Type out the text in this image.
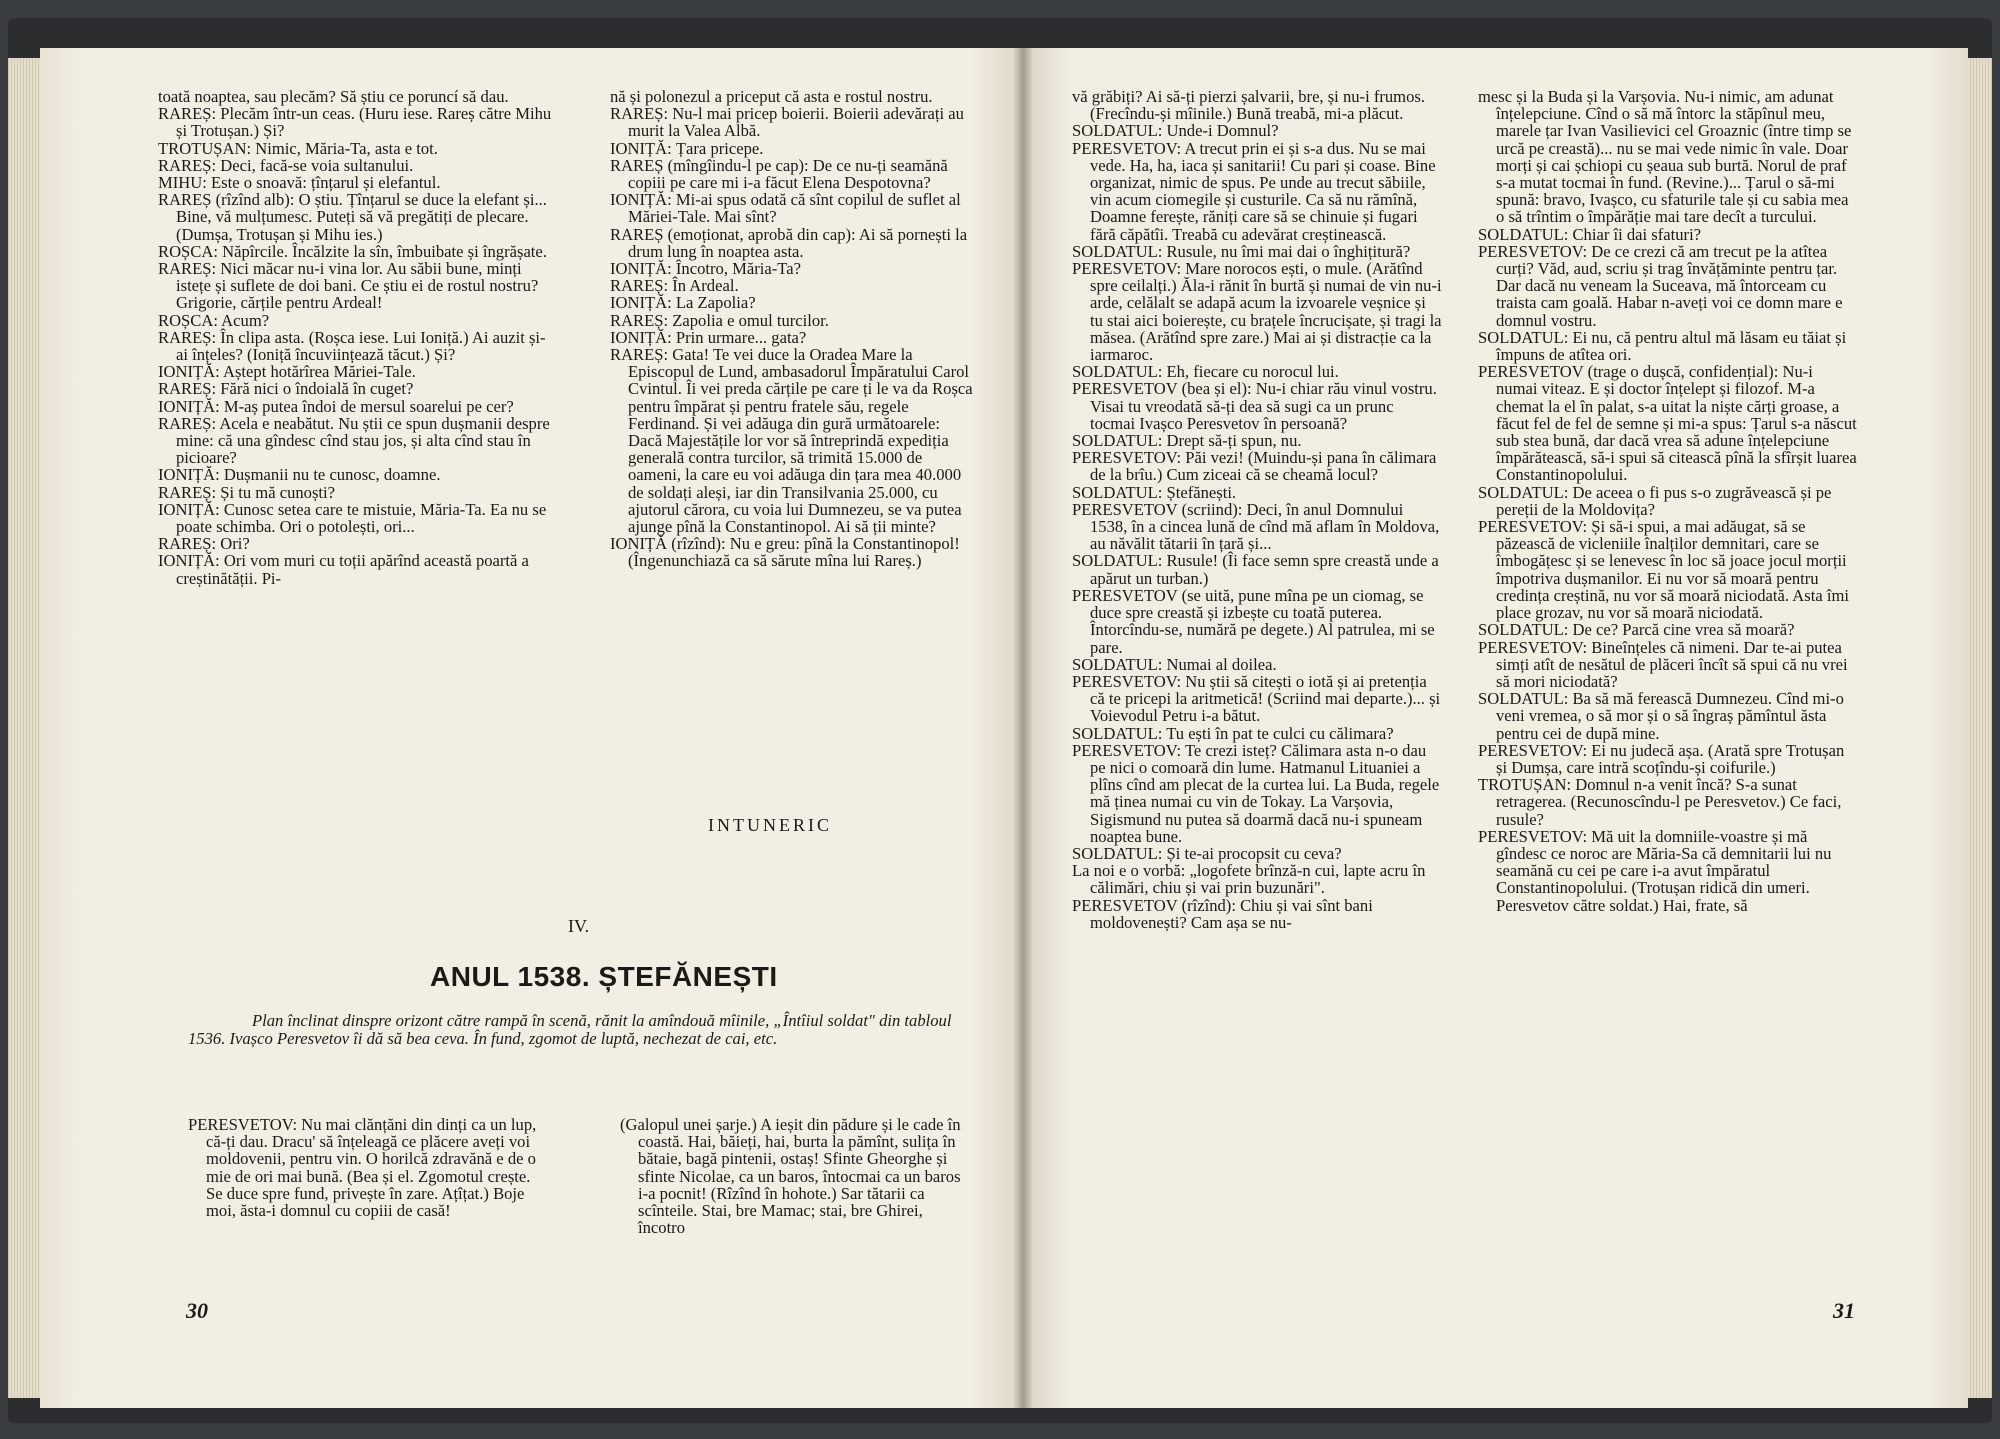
toată noaptea, sau plecăm? Să știu ce poruncí să dau.

RAREȘ: Plecăm într-un ceas. (Huru iese. Rareș către Mihu și Trotușan.) Și?

TROTUȘAN: Nimic, Măria-Ta, asta e tot.

RAREȘ: Deci, facă-se voia sultanului.

MIHU: Este o snoavă: țînțarul și elefantul.

RAREȘ (rîzînd alb): O știu. Țînțarul se duce la elefant și... Bine, vă mulțumesc. Puteți să vă pregătiți de plecare. (Dumșa, Trotușan și Mihu ies.)

ROȘCA: Năpîrcile. Încălzite la sîn, îmbuibate și îngrășate.

RAREȘ: Nici măcar nu-i vina lor. Au săbii bune, minți istețe și suflete de doi bani. Ce știu ei de rostul nostru? Grigorie, cărțile pentru Ardeal!

ROȘCA: Acum?

RAREȘ: În clipa asta. (Roșca iese. Lui Ioniță.) Ai auzit și-ai înțeles? (Ioniță încuviințează tăcut.) Și?

IONIȚĂ: Aștept hotărîrea Măriei-Tale.

RAREȘ: Fără nici o îndoială în cuget?

IONIȚĂ: M-aș putea îndoi de mersul soarelui pe cer?

RAREȘ: Acela e neabătut. Nu știi ce spun dușmanii despre mine: că una gîndesc cînd stau jos, și alta cînd stau în picioare?

IONIȚĂ: Dușmanii nu te cunosc, doamne.

RAREȘ: Și tu mă cunoști?

IONIȚĂ: Cunosc setea care te mistuie, Măria-Ta. Ea nu se poate schimba. Ori o potolești, ori...

RAREȘ: Ori?

IONIȚĂ: Ori vom muri cu toții apărînd această poartă a creștinătății. Pi-

nă și polonezul a priceput că asta e rostul nostru.

RAREȘ: Nu-l mai pricep boierii. Boierii adevărați au murit la Valea Albă.

IONIȚĂ: Țara pricepe.

RAREȘ (mîngîindu-l pe cap): De ce nu-ți seamănă copiii pe care mi i-a făcut Elena Despotovna?

IONIȚĂ: Mi-ai spus odată că sînt copilul de suflet al Măriei-Tale. Mai sînt?

RAREȘ (emoționat, aprobă din cap): Ai să pornești la drum lung în noaptea asta.

IONIȚĂ: Încotro, Măria-Ta?

RAREȘ: În Ardeal.

IONIȚĂ: La Zapolia?

RAREȘ: Zapolia e omul turcilor.

IONIȚĂ: Prin urmare... gata?

RAREȘ: Gata! Te vei duce la Oradea Mare la Episcopul de Lund, ambasadorul Împăratului Carol Cvintul. Îi vei preda cărțile pe care ți le va da Roșca pentru împărat și pentru fratele său, regele Ferdinand. Și vei adăuga din gură următoarele: Dacă Majestățile lor vor să întreprindă expediția generală contra turcilor, să trimită 15.000 de oameni, la care eu voi adăuga din țara mea 40.000 de soldați aleși, iar din Transilvania 25.000, cu ajutorul cărora, cu voia lui Dumnezeu, se va putea ajunge pînă la Constantinopol. Ai să ții minte?

IONIȚĂ (rîzînd): Nu e greu: pînă la Constantinopol! (Îngenunchiază ca să sărute mîna lui Rareș.)

INTUNERIC
IV.
ANUL 1538. ȘTEFĂNEȘTI
Plan înclinat dinspre orizont către rampă în scenă, rănit la amîndouă mîinile, „Întîiul soldat" din tabloul 1536. Ivașco Peresvetov îi dă să bea ceva. În fund, zgomot de luptă, nechezat de cai, etc.

PERESVETOV: Nu mai clănțăni din dinți ca un lup, că-ți dau. Dracu' să înțeleagă ce plăcere aveți voi moldovenii, pentru vin. O horilcă zdravănă e de o mie de ori mai bună. (Bea și el. Zgomotul crește. Se duce spre fund, privește în zare. Ațîțat.) Boje moi, ăsta-i domnul cu copiii de casă!

(Galopul unei șarje.) A ieșit din pădure și le cade în coastă. Hai, băieți, hai, burta la pămînt, sulița în bătaie, bagă pintenii, ostaș! Sfinte Gheorghe și sfinte Nicolae, ca un baros, întocmai ca un baros i-a pocnit! (Rîzînd în hohote.) Sar tătarii ca scînteile. Stai, bre Mamac; stai, bre Ghirei, încotro

vă grăbiți? Ai să-ți pierzi șalvarii, bre, și nu-i frumos. (Frecîndu-și mîinile.) Bună treabă, mi-a plăcut.

SOLDATUL: Unde-i Domnul?

PERESVETOV: A trecut prin ei și s-a dus. Nu se mai vede. Ha, ha, iaca și sanitarii! Cu pari și coase. Bine organizat, nimic de spus. Pe unde au trecut săbiile, vin acum ciomegile și custurile. Ca să nu rămînă, Doamne ferește, răniți care să se chinuie și fugari fără căpătîi. Treabă cu adevărat creștinească.

SOLDATUL: Rusule, nu îmi mai dai o înghițitură?

PERESVETOV: Mare norocos ești, o mule. (Arătînd spre ceilalți.) Ăla-i rănit în burtă și numai de vin nu-i arde, celălalt se adapă acum la izvoarele veșnice și tu stai aici boierește, cu brațele încrucișate, și tragi la măsea. (Arătînd spre zare.) Mai ai și distracție ca la iarmaroc.

SOLDATUL: Eh, fiecare cu norocul lui.

PERESVETOV (bea și el): Nu-i chiar rău vinul vostru. Visai tu vreodată să-ți dea să sugi ca un prunc tocmai Ivașco Peresvetov în persoană?

SOLDATUL: Drept să-ți spun, nu.

PERESVETOV: Păi vezi! (Muindu-și pana în călimara de la brîu.) Cum ziceai că se cheamă locul?

SOLDATUL: Ștefănești.

PERESVETOV (scriind): Deci, în anul Domnului 1538, în a cincea lună de cînd mă aflam în Moldova, au năvălit tătarii în țară și...

SOLDATUL: Rusule! (Îi face semn spre creastă unde a apărut un turban.)

PERESVETOV (se uită, pune mîna pe un ciomag, se duce spre creastă și izbește cu toată puterea. Întorcîndu-se, numără pe degete.) Al patrulea, mi se pare.

SOLDATUL: Numai al doilea.

PERESVETOV: Nu știi să citești o iotă și ai pretenția că te pricepi la aritmetică! (Scriind mai departe.)... și Voievodul Petru i-a bătut.

SOLDATUL: Tu ești în pat te culci cu călimara?

PERESVETOV: Te crezi isteț? Călimara asta n-o dau pe nici o comoară din lume. Hatmanul Lituaniei a plîns cînd am plecat de la curtea lui. La Buda, regele mă ținea numai cu vin de Tokay. La Varșovia, Sigismund nu putea să doarmă dacă nu-i spuneam noaptea bune.

SOLDATUL: Și te-ai procopsit cu ceva?

La noi e o vorbă: „logofete brînză-n cui, lapte acru în călimări, chiu și vai prin buzunări".

PERESVETOV (rîzînd): Chiu și vai sînt bani moldovenești? Cam așa se nu-

mesc și la Buda și la Varșovia. Nu-i nimic, am adunat înțelepciune. Cînd o să mă întorc la stăpînul meu, marele țar Ivan Vasilievici cel Groaznic (între timp se urcă pe creastă)... nu se mai vede nimic în vale. Doar morți și cai șchiopi cu șeaua sub burtă. Norul de praf s-a mutat tocmai în fund. (Revine.)... Țarul o să-mi spună: bravo, Ivașco, cu sfaturile tale și cu sabia mea o să trîntim o împărăție mai tare decît a turcului.

SOLDATUL: Chiar îi dai sfaturi?

PERESVETOV: De ce crezi că am trecut pe la atîtea curți? Văd, aud, scriu și trag învățăminte pentru țar. Dar dacă nu veneam la Suceava, mă întorceam cu traista cam goală. Habar n-aveți voi ce domn mare e domnul vostru.

SOLDATUL: Ei nu, că pentru altul mă lăsam eu tăiat și împuns de atîtea ori.

PERESVETOV (trage o dușcă, confidențial): Nu-i numai viteaz. E și doctor înțelept și filozof. M-a chemat la el în palat, s-a uitat la niște cărți groase, a făcut fel de fel de semne și mi-a spus: Țarul s-a născut sub stea bună, dar dacă vrea să adune înțelepciune împărătească, să-i spui să citească pînă la sfîrșit luarea Constantinopolului.

SOLDATUL: De aceea o fi pus s-o zugrăvească și pe pereții de la Moldovița?

PERESVETOV: Și să-i spui, a mai adăugat, să se păzească de vicleniile înalților demnitari, care se îmbogățesc și se lenevesc în loc să joace jocul morții împotriva dușmanilor. Ei nu vor să moară pentru credința creștină, nu vor să moară niciodată. Asta îmi place grozav, nu vor să moară niciodată.

SOLDATUL: De ce? Parcă cine vrea să moară?

PERESVETOV: Bineînțeles că nimeni. Dar te-ai putea simți atît de nesătul de plăceri încît să spui că nu vrei să mori niciodată?

SOLDATUL: Ba să mă ferească Dumnezeu. Cînd mi-o veni vremea, o să mor și o să îngraș pămîntul ăsta pentru cei de după mine.

PERESVETOV: Ei nu judecă așa. (Arată spre Trotușan și Dumșa, care intră scoțîndu-și coifurile.)

TROTUȘAN: Domnul n-a venit încă? S-a sunat retragerea. (Recunoscîndu-l pe Peresvetov.) Ce faci, rusule?

PERESVETOV: Mă uit la domniile-voastre și mă gîndesc ce noroc are Măria-Sa că demnitarii lui nu seamănă cu cei pe care i-a avut împăratul Constantinopolului. (Trotușan ridică din umeri. Peresvetov către soldat.) Hai, frate, să

30	31
